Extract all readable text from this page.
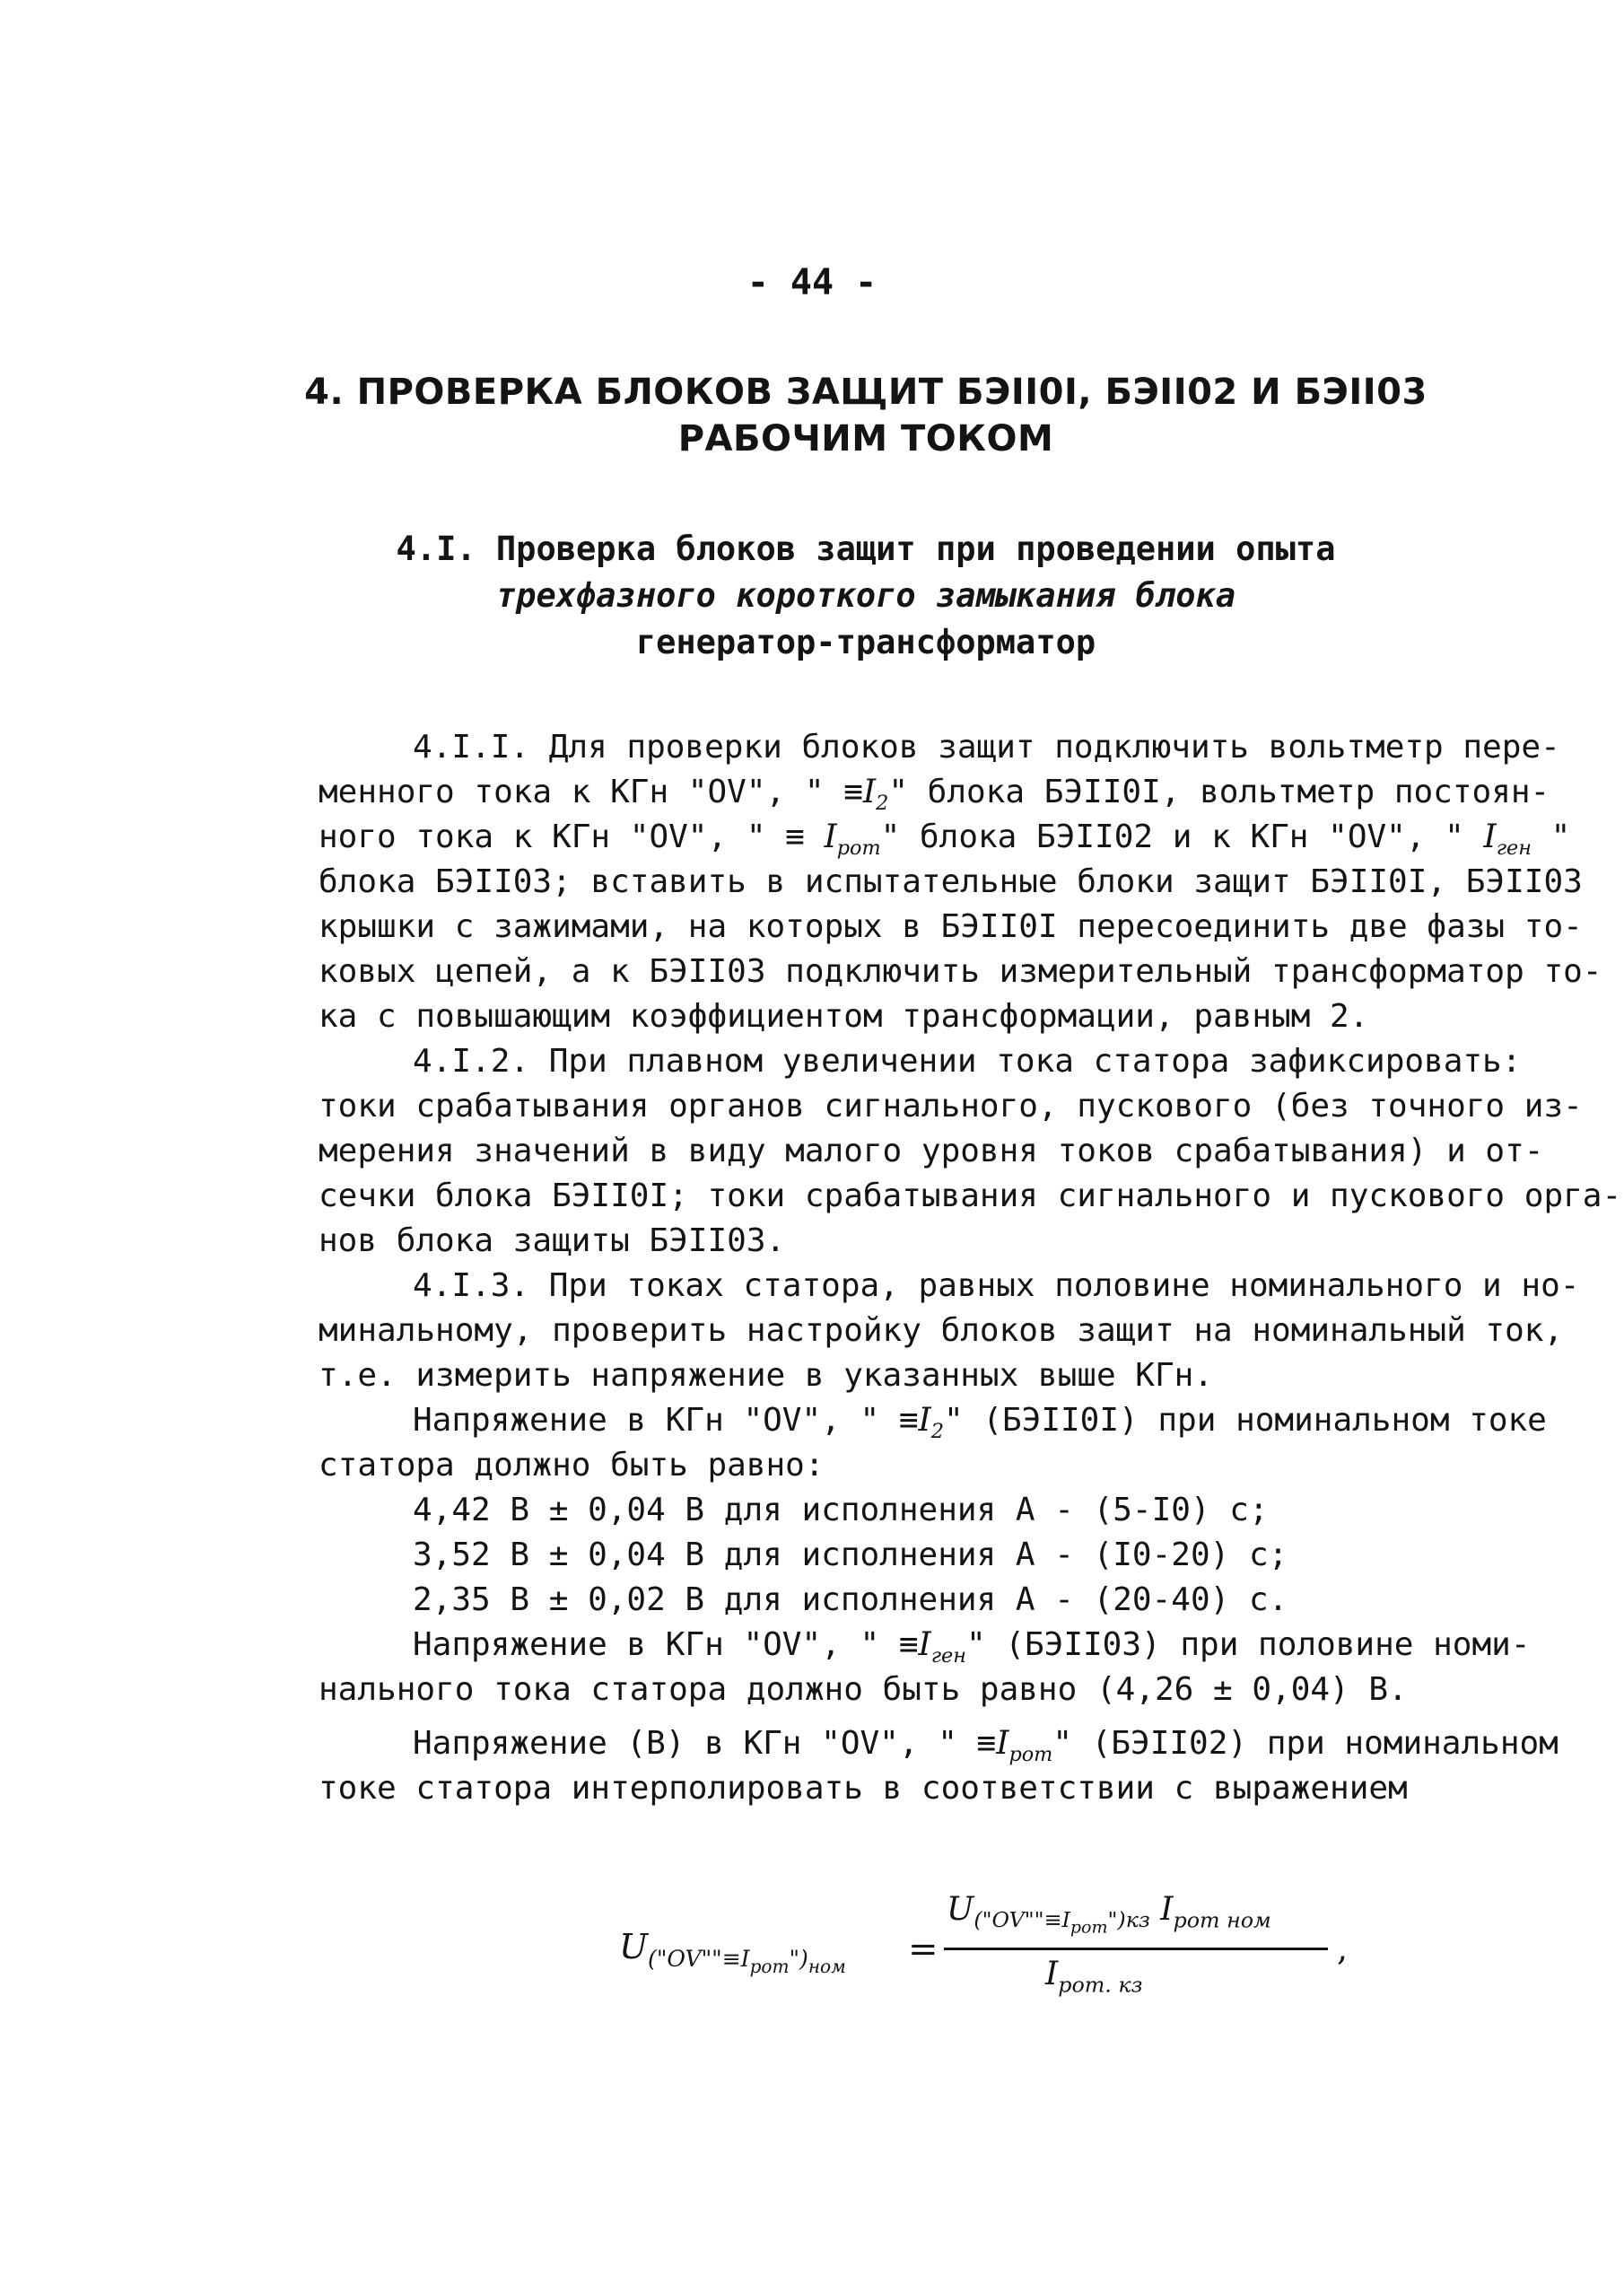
- 44 -
4. ПРОВЕРКА БЛОКОВ ЗАЩИТ БЭII0I, БЭII02 И БЭII03
РАБОЧИМ ТОКОМ
4.I. Проверка блоков защит при проведении опыта
трехфазного короткого замыкания блока
генератор-трансформатор
4.I.I. Для проверки блоков защит подключить вольтметр пере-
менного тока к КГн "OV", " $\equiv I_2$" блока БЭII0I, вольтметр постоян-
ного тока к КГн "OV", " ≡ $I_{рот}$" блока БЭII02 и к КГн "OV", " $I_{ген}$ "
блока БЭII03; вставить в испытательные блоки защит БЭII0I, БЭII03
крышки с зажимами, на которых в БЭII0I пересоединить две фазы то-
ковых цепей, а к БЭII03 подключить измерительный трансформатор то-
ка с повышающим коэффициентом трансформации, равным 2.
4.I.2. При плавном увеличении тока статора зафиксировать:
токи срабатывания органов сигнального, пускового (без точного из-
мерения значений в виду малого уровня токов срабатывания) и от-
сечки блока БЭII0I; токи срабатывания сигнального и пускового орга-
нов блока защиты БЭII03.
4.I.3. При токах статора, равных половине номинального и но-
минальному, проверить настройку блоков защит на номинальный ток,
т.е. измерить напряжение в указанных выше КГн.
Напряжение в КГн "OV", " $\equiv I_2$" (БЭII0I) при номинальном токе
статора должно быть равно:
4,42 В ± 0,04 В для исполнения А - (5-I0) с;
3,52 В ± 0,04 В для исполнения А - (I0-20) с;
2,35 В ± 0,02 В для исполнения А - (20-40) с.
Напряжение в КГн "OV", " $\equiv I_{ген}$" (БЭII03) при половине номи-
нального тока статора должно быть равно (4,26 ± 0,04) В.
Напряжение (В) в КГн "OV", " $\equiv I_{рот}$" (БЭII02) при номинальном
токе статора интерполировать в соответствии с выражением
$U_{("OV""\equiv I_{рот}")_{ном}}$ =
$U_{("OV""\equiv I_{рот}")кз}$ $I_{рот ном}$
$I_{рот. кз}$
,
